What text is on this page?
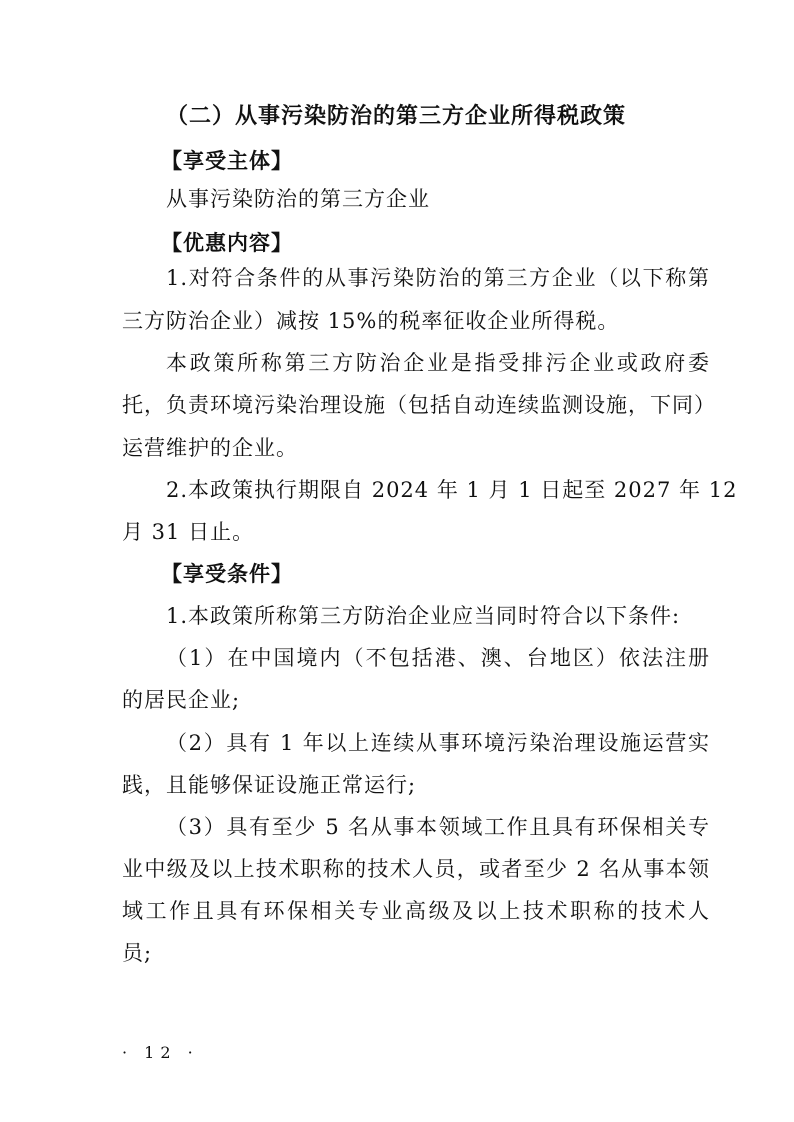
（二）从事污染防治的第三方企业所得税政策
【享受主体】
从事污染防治的第三方企业
【优惠内容】
1.对符合条件的从事污染防治的第三方企业（以下称第
三方防治企业）减按 15%的税率征收企业所得税。
本政策所称第三方防治企业是指受排污企业或政府委
托，负责环境污染治理设施（包括自动连续监测设施，下同）
运营维护的企业。
2.本政策执行期限自 2024 年 1 月 1 日起至 2027 年 12
月 31 日止。
【享受条件】
1.本政策所称第三方防治企业应当同时符合以下条件:
（1）在中国境内（不包括港、澳、台地区）依法注册
的居民企业;
（2）具有 1 年以上连续从事环境污染治理设施运营实
践，且能够保证设施正常运行;
（3）具有至少 5 名从事本领域工作且具有环保相关专
业中级及以上技术职称的技术人员，或者至少 2 名从事本领
域工作且具有环保相关专业高级及以上技术职称的技术人
员;
· 12 ·
